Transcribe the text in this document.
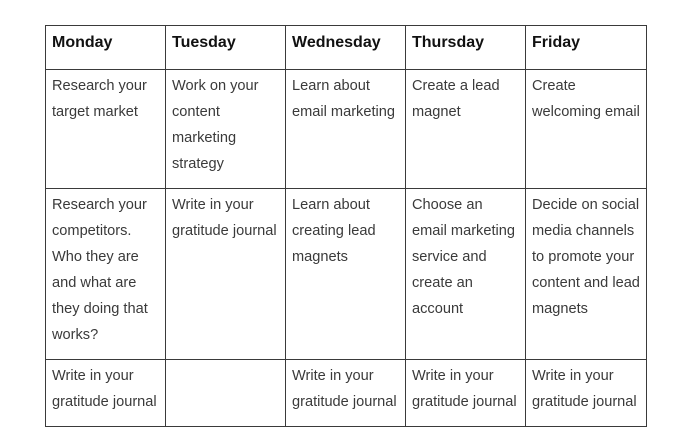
Monday	Tuesday	Wednesday	Thursday	Friday
Research your target market	Work on your content marketing strategy	Learn about email marketing	Create a lead magnet	Create welcoming email
Research your competitors. Who they are and what are they doing that works?	Write in your gratitude journal	Learn about creating lead magnets	Choose an email marketing service and create an account	Decide on social media channels to promote your content and lead magnets
Write in your gratitude journal		Write in your gratitude journal	Write in your gratitude journal	Write in your gratitude journal
